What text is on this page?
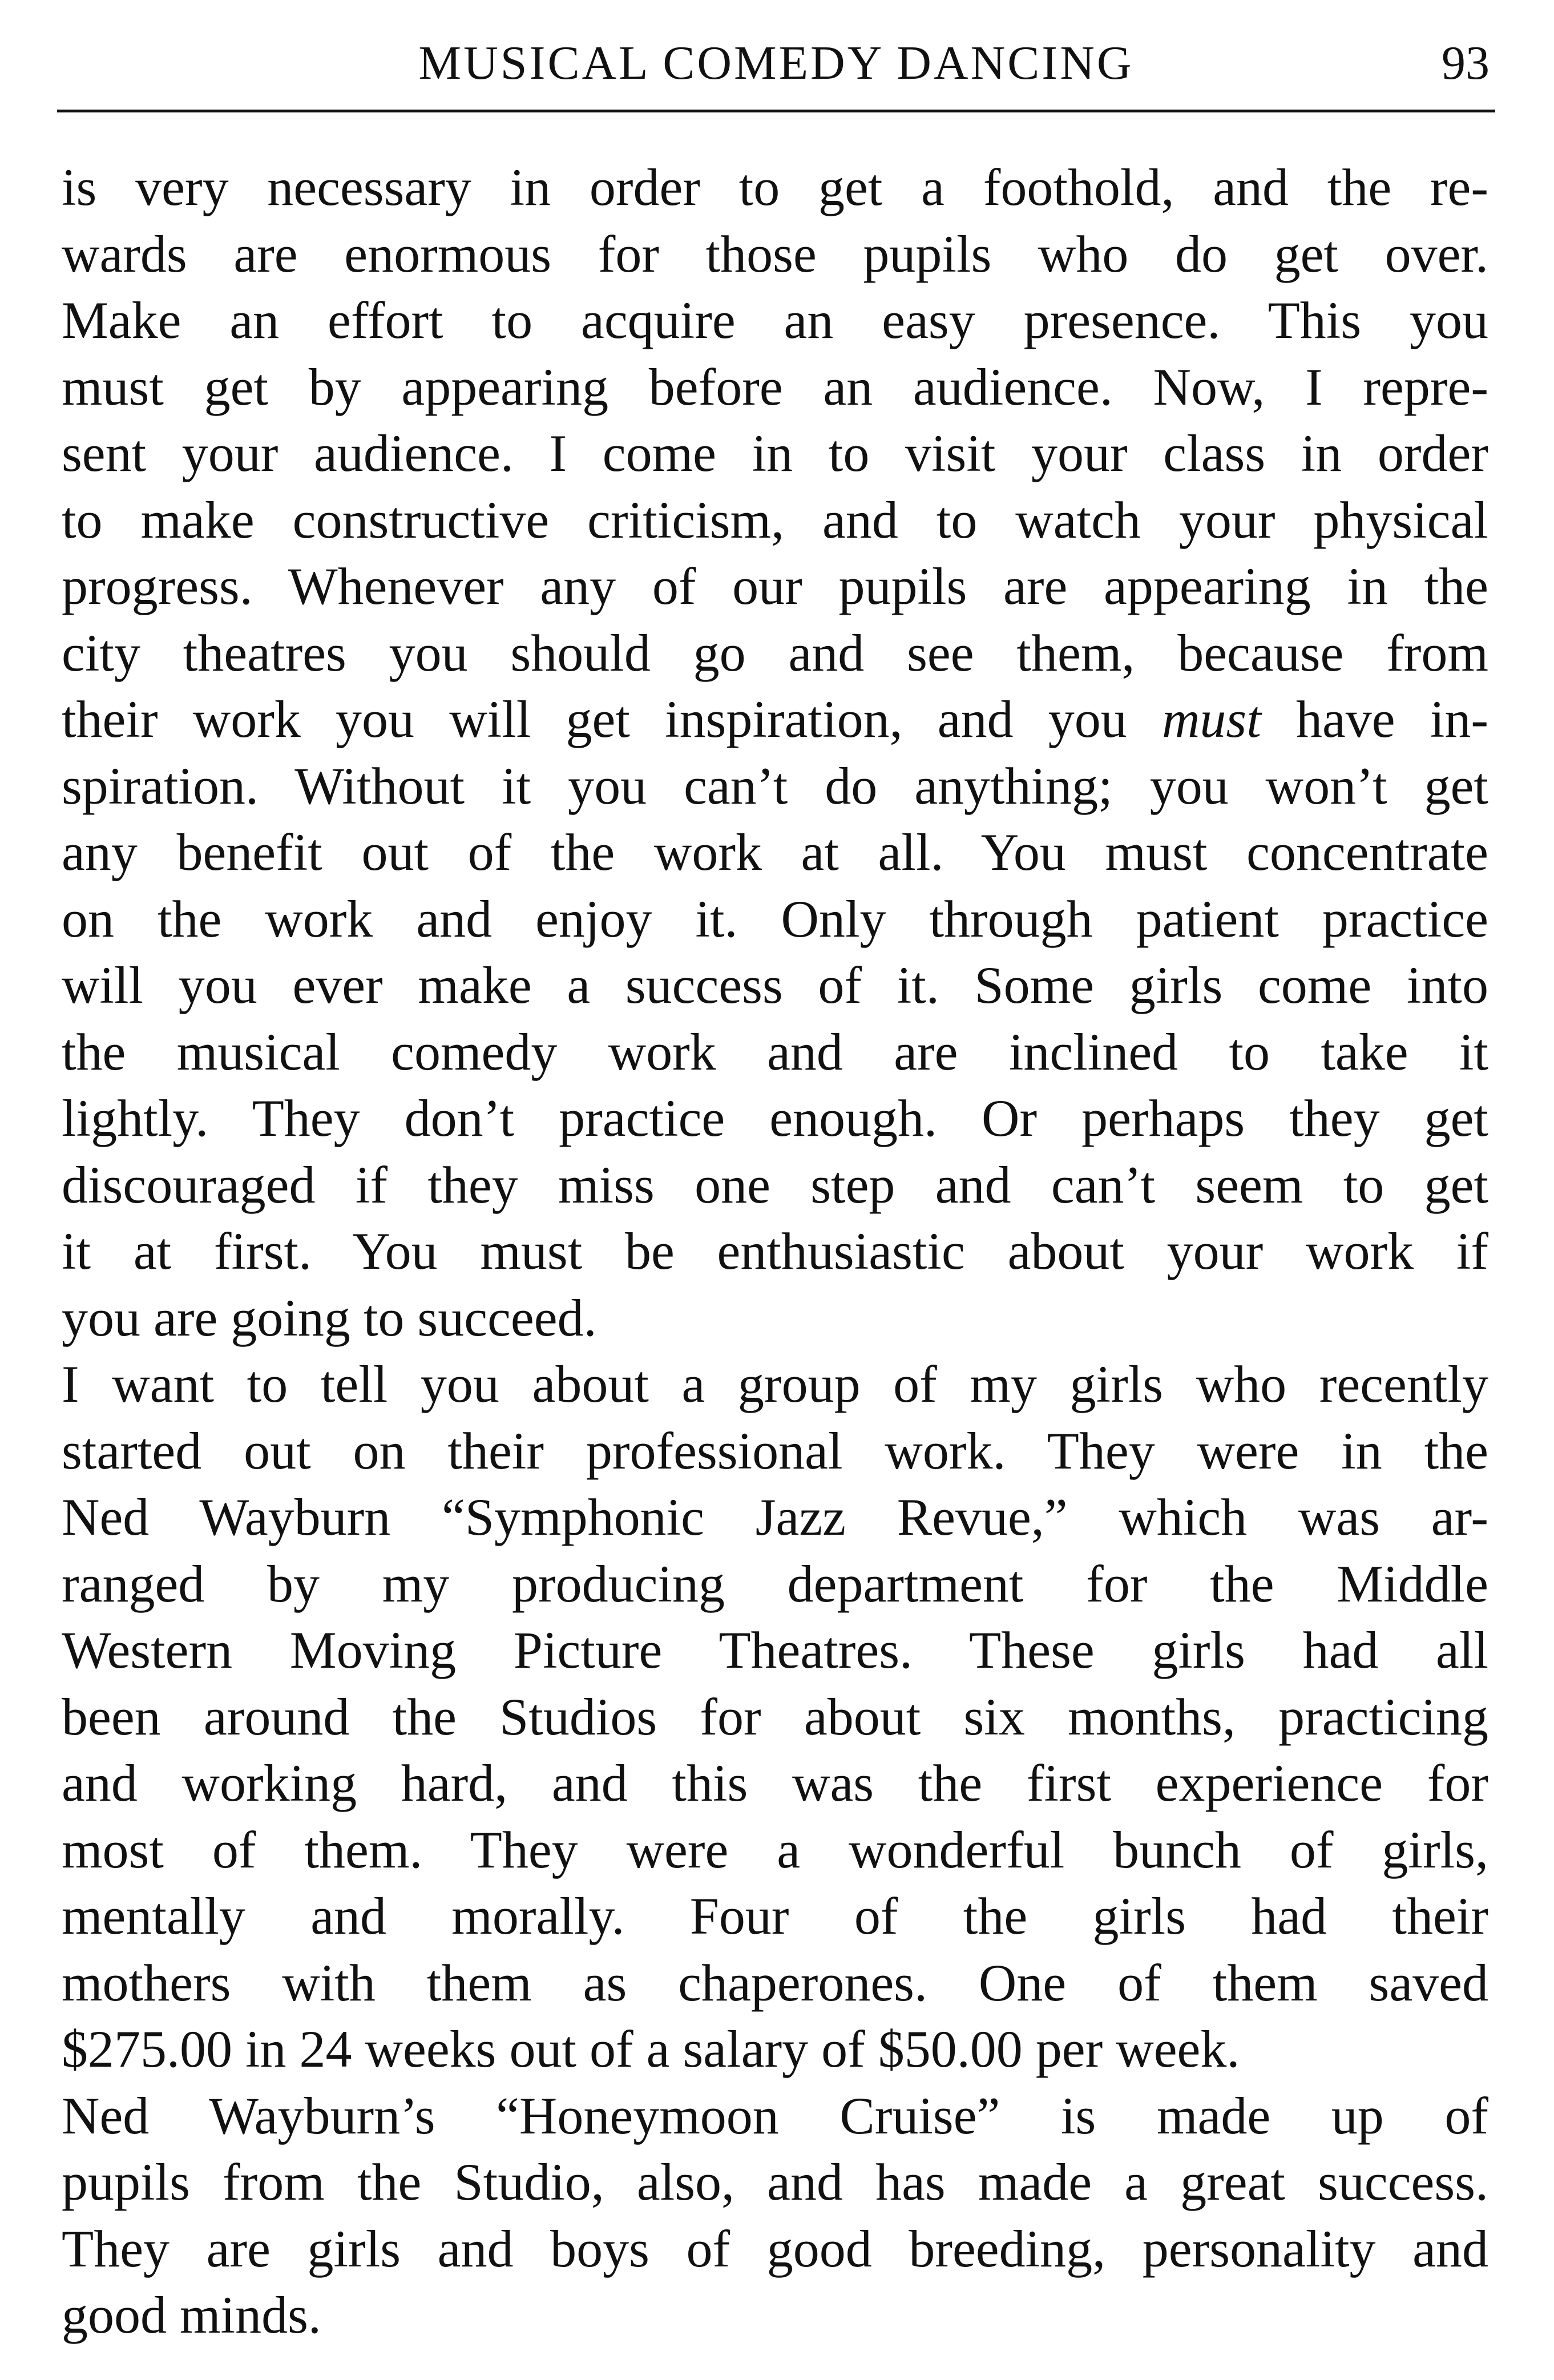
MUSICAL COMEDY DANCING	93

is very necessary in order to get a foothold, and the re-
wards are enormous for those pupils who do get over.
Make an effort to acquire an easy presence. This you
must get by appearing before an audience. Now, I repre-
sent your audience. I come in to visit your class in order
to make constructive criticism, and to watch your physical
progress. Whenever any of our pupils are appearing in the
city theatres you should go and see them, because from
their work you will get inspiration, and you must have in-
spiration. Without it you can’t do anything; you won’t get
any benefit out of the work at all. You must concentrate
on the work and enjoy it. Only through patient practice
will you ever make a success of it. Some girls come into
the musical comedy work and are inclined to take it
lightly. They don’t practice enough. Or perhaps they get
discouraged if they miss one step and can’t seem to get
it at first. You must be enthusiastic about your work if
you are going to succeed.

I want to tell you about a group of my girls who recently
started out on their professional work. They were in the
Ned Wayburn “Symphonic Jazz Revue,” which was ar-
ranged by my producing department for the Middle
Western Moving Picture Theatres. These girls had all
been around the Studios for about six months, practicing
and working hard, and this was the first experience for
most of them. They were a wonderful bunch of girls,
mentally and morally. Four of the girls had their
mothers with them as chaperones. One of them saved
$275.00 in 24 weeks out of a salary of $50.00 per week.

Ned Wayburn’s “Honeymoon Cruise” is made up of
pupils from the Studio, also, and has made a great success.
They are girls and boys of good breeding, personality and
good minds.
